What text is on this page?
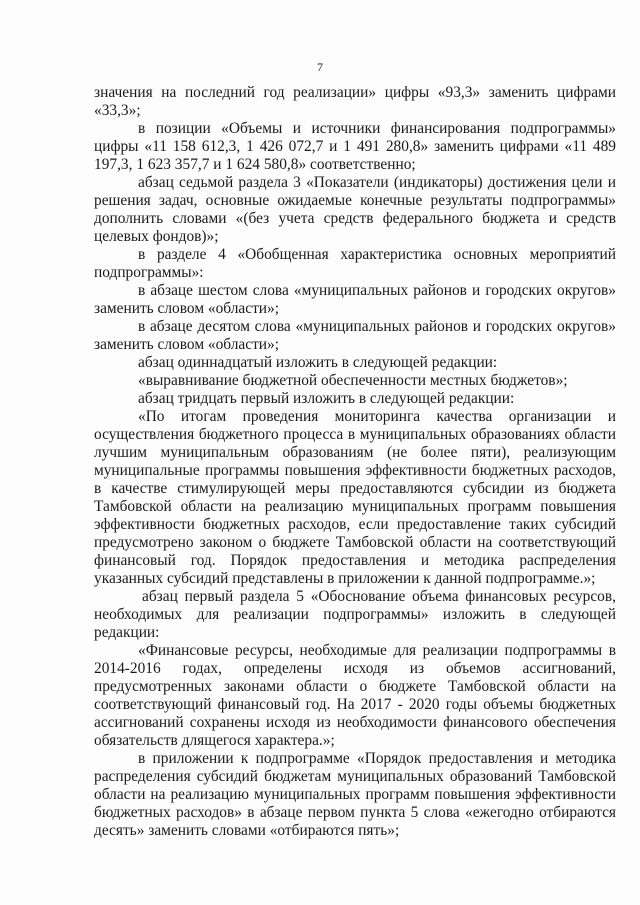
7

значения на последний год реализации» цифры «93,3» заменить цифрами «33,3»;

в позиции «Объемы и источники финансирования подпрограммы» цифры «11 158 612,3, 1 426 072,7 и 1 491 280,8» заменить цифрами «11 489 197,3, 1 623 357,7 и 1 624 580,8» соответственно;

абзац седьмой раздела 3 «Показатели (индикаторы) достижения цели и решения задач, основные ожидаемые конечные результаты подпрограммы» дополнить словами «(без учета средств федерального бюджета и средств целевых фондов)»;

в разделе 4 «Обобщенная характеристика основных мероприятий подпрограммы»:

в абзаце шестом слова «муниципальных районов и городских округов» заменить словом «области»;

в абзаце десятом слова «муниципальных районов и городских округов» заменить словом «области»;

абзац одиннадцатый изложить в следующей редакции:

«выравнивание бюджетной обеспеченности местных бюджетов»;

абзац тридцать первый изложить в следующей редакции:

«По итогам проведения мониторинга качества организации и осуществления бюджетного процесса в муниципальных образованиях области лучшим муниципальным образованиям (не более пяти), реализующим муниципальные программы повышения эффективности бюджетных расходов, в качестве стимулирующей меры предоставляются субсидии из бюджета Тамбовской области на реализацию муниципальных программ повышения эффективности бюджетных расходов, если предоставление таких субсидий предусмотрено законом о бюджете Тамбовской области на соответствующий финансовый год. Порядок предоставления и методика распределения указанных субсидий представлены в приложении к данной подпрограмме.»;

абзац первый раздела 5 «Обоснование объема финансовых ресурсов, необходимых для реализации подпрограммы» изложить в следующей редакции:

«Финансовые ресурсы, необходимые для реализации подпрограммы в 2014-2016 годах, определены исходя из объемов ассигнований, предусмотренных законами области о бюджете Тамбовской области на соответствующий финансовый год. На 2017 - 2020 годы объемы бюджетных ассигнований сохранены исходя из необходимости финансового обеспечения обязательств длящегося характера.»;

в приложении к подпрограмме «Порядок предоставления и методика распределения субсидий бюджетам муниципальных образований Тамбовской области на реализацию муниципальных программ повышения эффективности бюджетных расходов» в абзаце первом пункта 5 слова «ежегодно отбираются десять» заменить словами «отбираются пять»;
